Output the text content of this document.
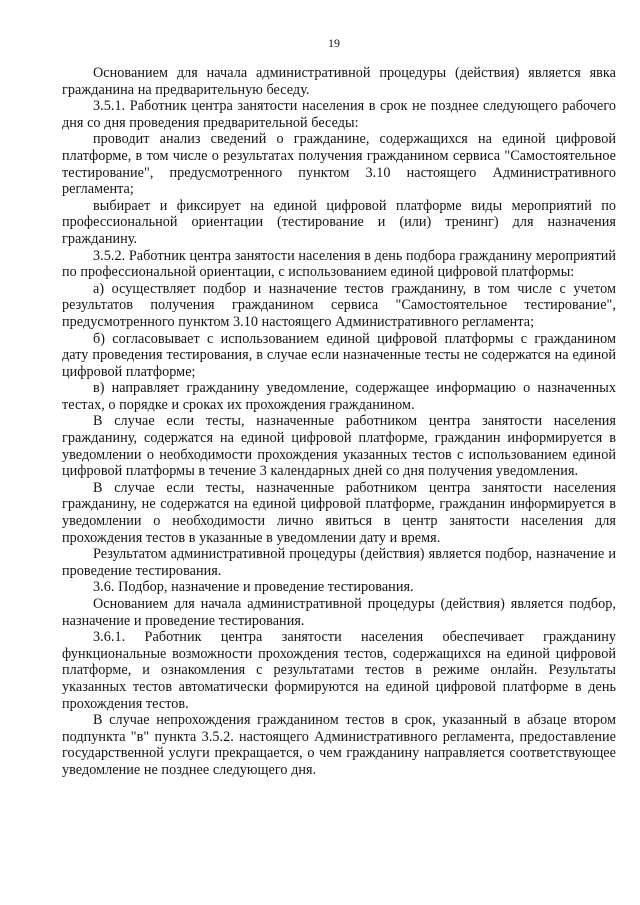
19

Основанием для начала административной процедуры (действия) является явка гражданина на предварительную беседу.

3.5.1. Работник центра занятости населения в срок не позднее следующего рабочего дня со дня проведения предварительной беседы:

проводит анализ сведений о гражданине, содержащихся на единой цифровой платформе, в том числе о результатах получения гражданином сервиса "Самостоятельное тестирование", предусмотренного пунктом 3.10 настоящего Административного регламента;

выбирает и фиксирует на единой цифровой платформе виды мероприятий по профессиональной ориентации (тестирование и (или) тренинг) для назначения гражданину.

3.5.2. Работник центра занятости населения в день подбора гражданину мероприятий по профессиональной ориентации, с использованием единой цифровой платформы:

а) осуществляет подбор и назначение тестов гражданину, в том числе с учетом результатов получения гражданином сервиса "Самостоятельное тестирование", предусмотренного пунктом 3.10 настоящего Административного регламента;

б) согласовывает с использованием единой цифровой платформы с гражданином дату проведения тестирования, в случае если назначенные тесты не содержатся на единой цифровой платформе;

в) направляет гражданину уведомление, содержащее информацию о назначенных тестах, о порядке и сроках их прохождения гражданином.

В случае если тесты, назначенные работником центра занятости населения гражданину, содержатся на единой цифровой платформе, гражданин информируется в уведомлении о необходимости прохождения указанных тестов с использованием единой цифровой платформы в течение 3 календарных дней со дня получения уведомления.

В случае если тесты, назначенные работником центра занятости населения гражданину, не содержатся на единой цифровой платформе, гражданин информируется в уведомлении о необходимости лично явиться в центр занятости населения для прохождения тестов в указанные в уведомлении дату и время.

Результатом административной процедуры (действия) является подбор, назначение и проведение тестирования.

3.6. Подбор, назначение и проведение тестирования.

Основанием для начала административной процедуры (действия) является подбор, назначение и проведение тестирования.

3.6.1. Работник центра занятости населения обеспечивает гражданину функциональные возможности прохождения тестов, содержащихся на единой цифровой платформе, и ознакомления с результатами тестов в режиме онлайн. Результаты указанных тестов автоматически формируются на единой цифровой платформе в день прохождения тестов.

В случае непрохождения гражданином тестов в срок, указанный в абзаце втором подпункта "в" пункта 3.5.2. настоящего Административного регламента, предоставление государственной услуги прекращается, о чем гражданину направляется соответствующее уведомление не позднее следующего дня.
